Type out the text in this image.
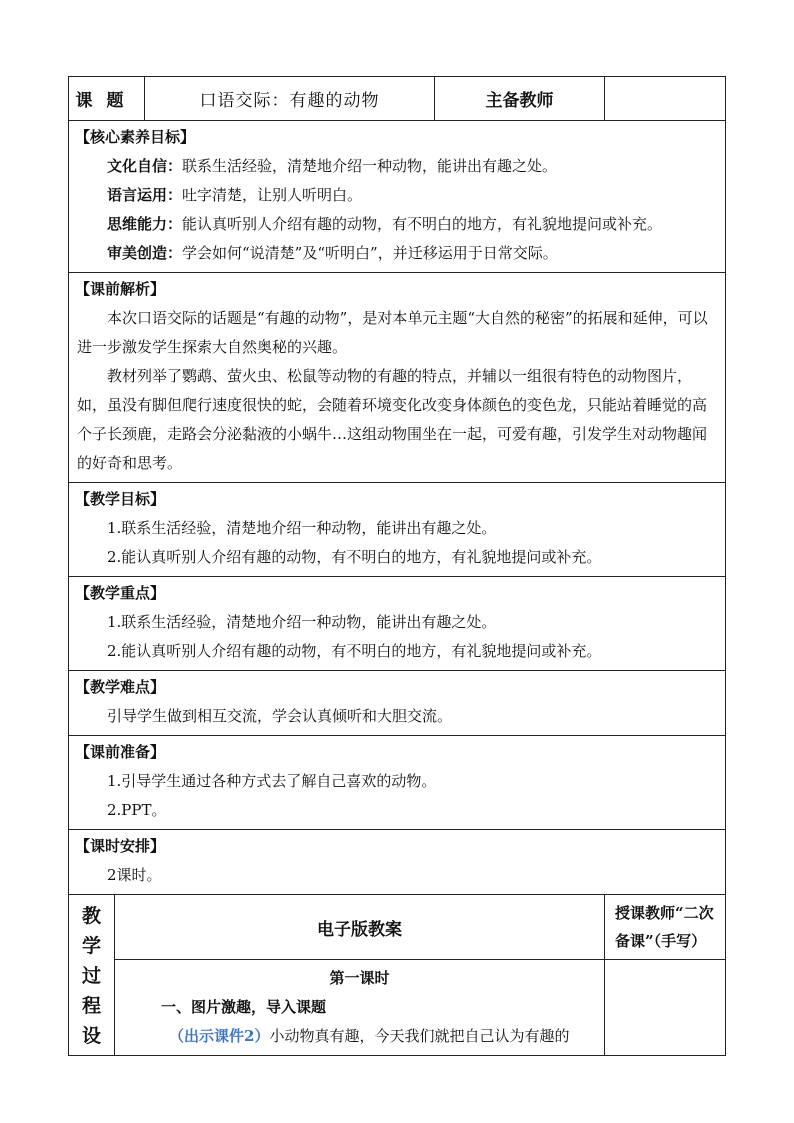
课题		口语交际：有趣的动物	主备教师	

【核心素养目标】
文化自信：联系生活经验，清楚地介绍一种动物，能讲出有趣之处。
语言运用：吐字清楚，让别人听明白。
思维能力：能认真听别人介绍有趣的动物，有不明白的地方，有礼貌地提问或补充。
审美创造：学会如何“说清楚”及“听明白”，并迁移运用于日常交际。				

【课前解析】
本次口语交际的话题是“有趣的动物”，是对本单元主题“大自然的秘密”的拓展和延伸，可以进一步激发学生探索大自然奥秘的兴趣。
教材列举了鹦鹉、萤火虫、松鼠等动物的有趣的特点，并辅以一组很有特色的动物图片，如，虽没有脚但爬行速度很快的蛇，会随着环境变化改变身体颜色的变色龙，只能站着睡觉的高个子长颈鹿，走路会分泌黏液的小蜗牛…这组动物围坐在一起，可爱有趣，引发学生对动物趣闻的好奇和思考。				

【教学目标】
1.联系生活经验，清楚地介绍一种动物，能讲出有趣之处。
2.能认真听别人介绍有趣的动物，有不明白的地方，有礼貌地提问或补充。				

【教学重点】
1.联系生活经验，清楚地介绍一种动物，能讲出有趣之处。
2.能认真听别人介绍有趣的动物，有不明白的地方，有礼貌地提问或补充。				

【教学难点】
引导学生做到相互交流，学会认真倾听和大胆交流。				

【课前准备】
1.引导学生通过各种方式去了解自己喜欢的动物。
2.PPT。				

【课时安排】
2课时。				

教
学
过
程
设	电子版教案			授课教师“二次备课”（手写）

	第一课时
一、图片激趣，导入课题
（出示课件2）小动物真有趣，今天我们就把自己认为有趣的			
